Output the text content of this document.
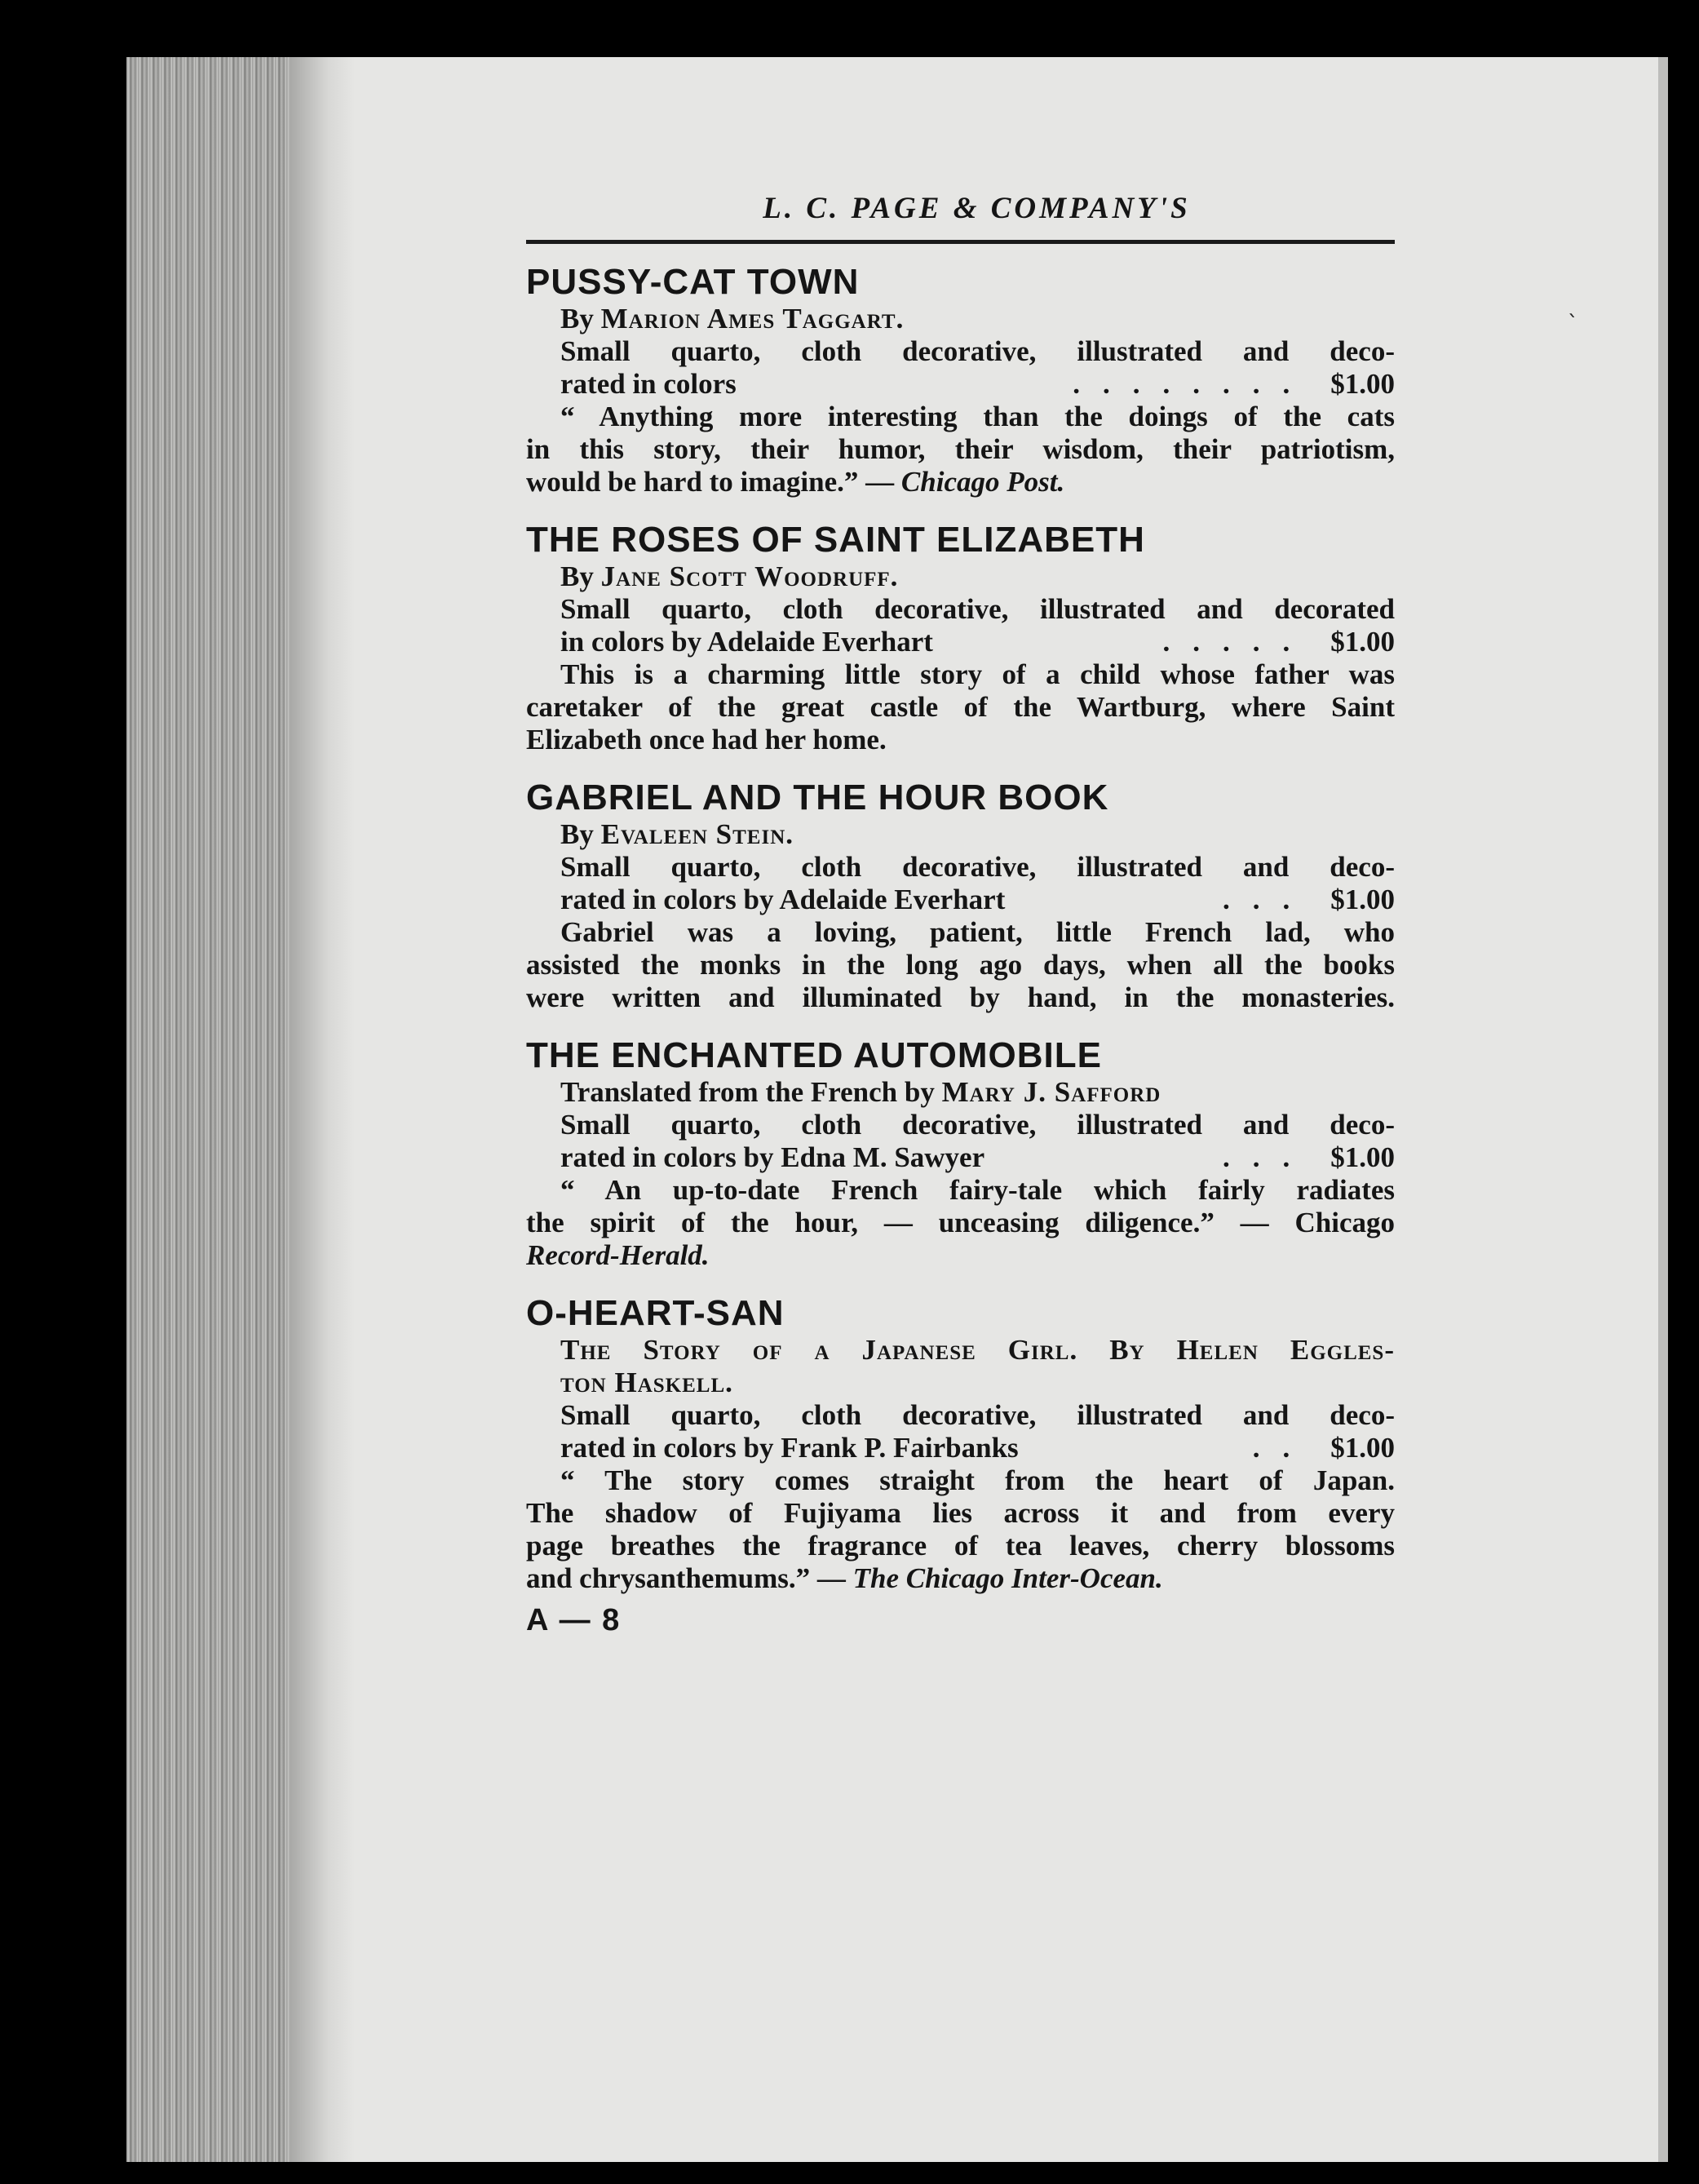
ˎ
L. C. PAGE & COMPANY'S
PUSSY-CAT TOWN
By Marion Ames Taggart.
Small quarto, cloth decorative, illustrated and deco-
rated in colors	........ $1.00
“ Anything more interesting than the doings of the cats
in this story, their humor, their wisdom, their patriotism,
would be hard to imagine.” — Chicago Post.
THE ROSES OF SAINT ELIZABETH
By Jane Scott Woodruff.
Small quarto, cloth decorative, illustrated and decorated
in colors by Adelaide Everhart	..... $1.00
This is a charming little story of a child whose father was
caretaker of the great castle of the Wartburg, where Saint
Elizabeth once had her home.
GABRIEL AND THE HOUR BOOK
By Evaleen Stein.
Small quarto, cloth decorative, illustrated and deco-
rated in colors by Adelaide Everhart	... $1.00
Gabriel was a loving, patient, little French lad, who
assisted the monks in the long ago days, when all the books
were written and illuminated by hand, in the monasteries.
THE ENCHANTED AUTOMOBILE
Translated from the French by Mary J. Safford
Small quarto, cloth decorative, illustrated and deco-
rated in colors by Edna M. Sawyer	... $1.00
“ An up-to-date French fairy-tale which fairly radiates
the spirit of the hour, — unceasing diligence.” — Chicago
Record-Herald.
O-HEART-SAN
The Story of a Japanese Girl. By Helen Eggles-
ton Haskell.
Small quarto, cloth decorative, illustrated and deco-
rated in colors by Frank P. Fairbanks	.. $1.00
“ The story comes straight from the heart of Japan.
The shadow of Fujiyama lies across it and from every
page breathes the fragrance of tea leaves, cherry blossoms
and chrysanthemums.” — The Chicago Inter-Ocean.
A — 8
